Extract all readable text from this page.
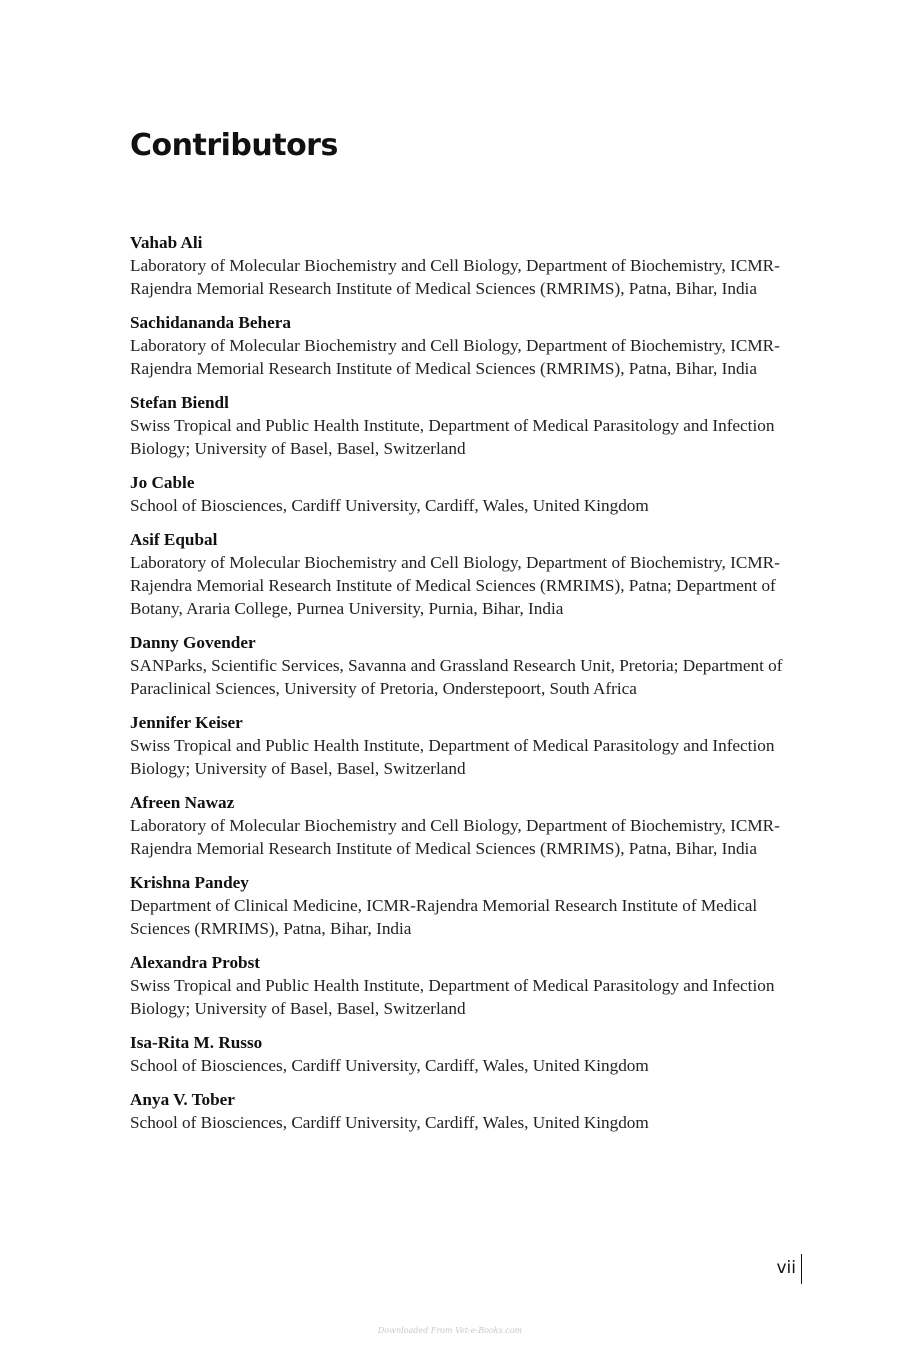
Contributors
Vahab Ali
Laboratory of Molecular Biochemistry and Cell Biology, Department of Biochemistry, ICMR-Rajendra Memorial Research Institute of Medical Sciences (RMRIMS), Patna, Bihar, India
Sachidananda Behera
Laboratory of Molecular Biochemistry and Cell Biology, Department of Biochemistry, ICMR-Rajendra Memorial Research Institute of Medical Sciences (RMRIMS), Patna, Bihar, India
Stefan Biendl
Swiss Tropical and Public Health Institute, Department of Medical Parasitology and Infection Biology; University of Basel, Basel, Switzerland
Jo Cable
School of Biosciences, Cardiff University, Cardiff, Wales, United Kingdom
Asif Equbal
Laboratory of Molecular Biochemistry and Cell Biology, Department of Biochemistry, ICMR-Rajendra Memorial Research Institute of Medical Sciences (RMRIMS), Patna; Department of Botany, Araria College, Purnea University, Purnia, Bihar, India
Danny Govender
SANParks, Scientific Services, Savanna and Grassland Research Unit, Pretoria; Department of Paraclinical Sciences, University of Pretoria, Onderstepoort, South Africa
Jennifer Keiser
Swiss Tropical and Public Health Institute, Department of Medical Parasitology and Infection Biology; University of Basel, Basel, Switzerland
Afreen Nawaz
Laboratory of Molecular Biochemistry and Cell Biology, Department of Biochemistry, ICMR-Rajendra Memorial Research Institute of Medical Sciences (RMRIMS), Patna, Bihar, India
Krishna Pandey
Department of Clinical Medicine, ICMR-Rajendra Memorial Research Institute of Medical Sciences (RMRIMS), Patna, Bihar, India
Alexandra Probst
Swiss Tropical and Public Health Institute, Department of Medical Parasitology and Infection Biology; University of Basel, Basel, Switzerland
Isa-Rita M. Russo
School of Biosciences, Cardiff University, Cardiff, Wales, United Kingdom
Anya V. Tober
School of Biosciences, Cardiff University, Cardiff, Wales, United Kingdom
vii
Downloaded From Vet-e-Books.com
